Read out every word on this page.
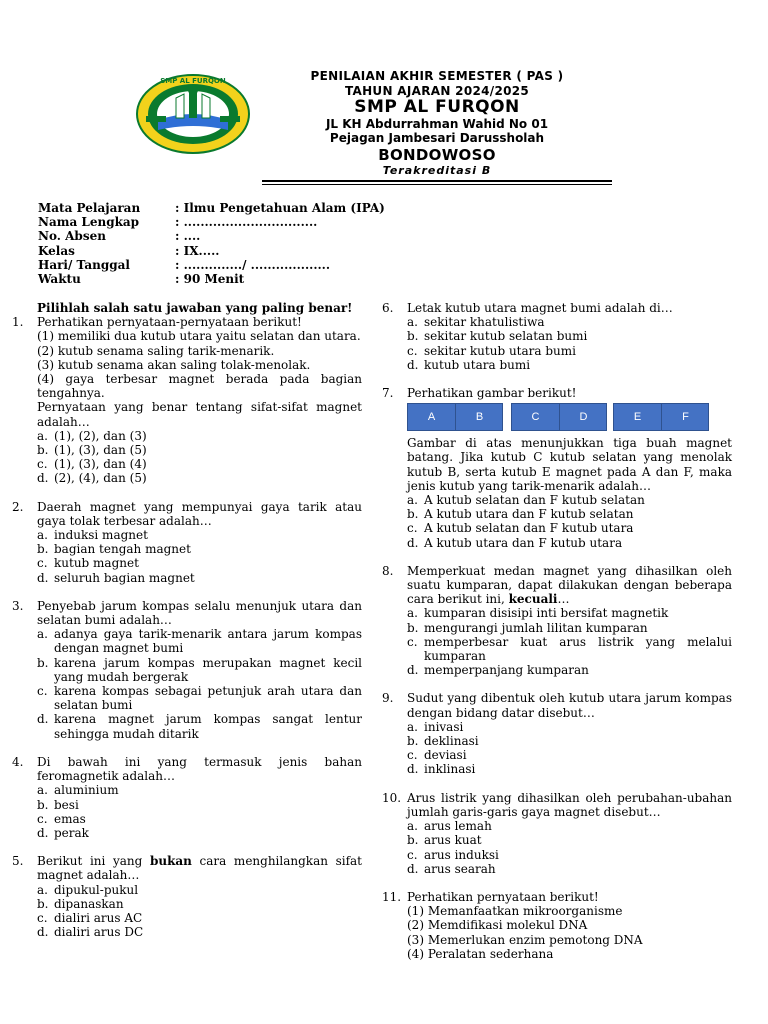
SMP AL FURQON	PENILAIAN AKHIR SEMESTER ( PAS )
TAHUN AJARAN 2024/2025
SMP AL FURQON
JL KH Abdurrahman Wahid No 01
Pejagan Jambesari Darussholah
BONDOWOSO
Terakreditasi B
Mata Pelajaran	: Ilmu Pengetahuan Alam (IPA)
Nama Lengkap	: ................................
No. Absen	: ....
Kelas	: IX.....
Hari/ Tanggal	: ............../ ...................
Waktu	: 90 Menit
Pilihlah salah satu jawaban yang paling benar!
1.	Perhatikan pernyataan-pernyataan berikut!
(1) memiliki dua kutub utara yaitu selatan dan utara.
(2) kutub senama saling tarik-menarik.
(3) kutub senama akan saling tolak-menolak.
(4) gaya terbesar magnet berada pada bagian tengahnya.
Pernyataan yang benar tentang sifat-sifat magnet adalah…
a. (1), (2), dan (3)
b. (1), (3), dan (5)
c. (1), (3), dan (4)
d. (2), (4), dan (5)
2.	Daerah magnet yang mempunyai gaya tarik atau gaya tolak terbesar adalah…
a. induksi magnet
b. bagian tengah magnet
c. kutub magnet
d. seluruh bagian magnet
3.	Penyebab jarum kompas selalu menunjuk utara dan selatan bumi adalah…
a. adanya gaya tarik-menarik antara jarum kompas dengan magnet bumi
b. karena jarum kompas merupakan magnet kecil yang mudah bergerak
c. karena kompas sebagai petunjuk arah utara dan selatan bumi
d. karena magnet jarum kompas sangat lentur sehingga mudah ditarik
4.	Di bawah ini yang termasuk jenis bahan feromagnetik adalah…
a. aluminium
b. besi
c. emas
d. perak
5.	Berikut ini yang bukan cara menghilangkan sifat magnet adalah…
a. dipukul-pukul
b. dipanaskan
c. dialiri arus AC
d. dialiri arus DC
6.	Letak kutub utara magnet bumi adalah di…
a. sekitar khatulistiwa
b. sekitar kutub selatan bumi
c. sekitar kutub utara bumi
d. kutub utara bumi
7.	Perhatikan gambar berikut!
A	B	C	D	E	F
Gambar di atas menunjukkan tiga buah magnet batang. Jika kutub C kutub selatan yang menolak kutub B, serta kutub E magnet pada A dan F, maka jenis kutub yang tarik-menarik adalah…
a. A kutub selatan dan F kutub selatan
b. A kutub utara dan F kutub selatan
c. A kutub selatan dan F kutub utara
d. A kutub utara dan F kutub utara
8.	Memperkuat medan magnet yang dihasilkan oleh suatu kumparan, dapat dilakukan dengan beberapa cara berikut ini, kecuali…
a. kumparan disisipi inti bersifat magnetik
b. mengurangi jumlah lilitan kumparan
c. memperbesar kuat arus listrik yang melalui kumparan
d. memperpanjang kumparan
9.	Sudut yang dibentuk oleh kutub utara jarum kompas dengan bidang datar disebut…
a. inivasi
b. deklinasi
c. deviasi
d. inklinasi
10. Arus listrik yang dihasilkan oleh perubahan-ubahan jumlah garis-garis gaya magnet disebut…
a. arus lemah
b. arus kuat
c. arus induksi
d. arus searah
11. Perhatikan pernyataan berikut!
(1) Memanfaatkan mikroorganisme
(2) Memdifikasi molekul DNA
(3) Memerlukan enzim pemotong DNA
(4) Peralatan sederhana
